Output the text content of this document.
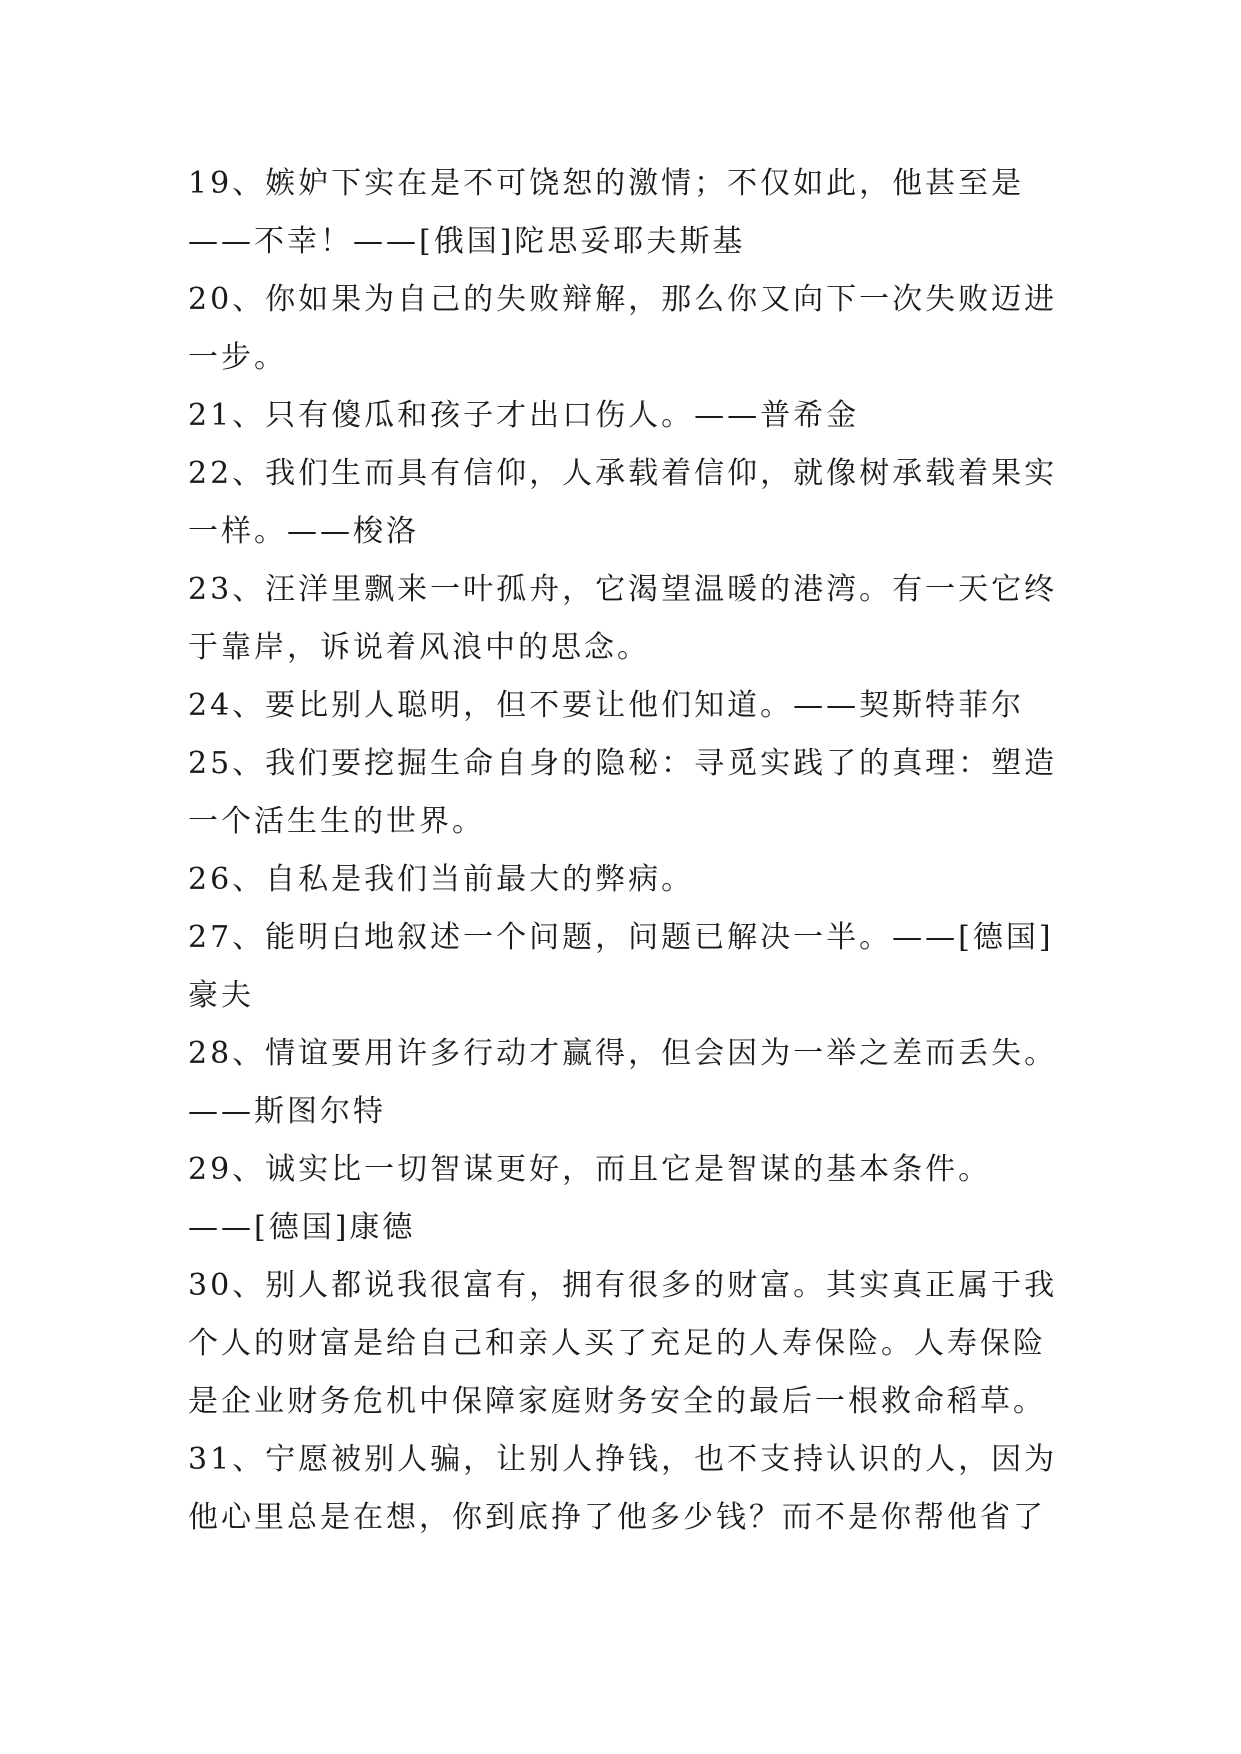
19、嫉妒下实在是不可饶恕的激情；不仅如此，他甚至是
——不幸！——[俄国]陀思妥耶夫斯基
20、你如果为自己的失败辩解，那么你又向下一次失败迈进
一步。
21、只有傻瓜和孩子才出口伤人。——普希金
22、我们生而具有信仰，人承载着信仰，就像树承载着果实
一样。——梭洛
23、汪洋里飘来一叶孤舟，它渴望温暖的港湾。有一天它终
于靠岸，诉说着风浪中的思念。
24、要比别人聪明，但不要让他们知道。——契斯特菲尔
25、我们要挖掘生命自身的隐秘：寻觅实践了的真理：塑造
一个活生生的世界。
26、自私是我们当前最大的弊病。
27、能明白地叙述一个问题，问题已解决一半。——[德国]
豪夫
28、情谊要用许多行动才赢得，但会因为一举之差而丢失。
——斯图尔特
29、诚实比一切智谋更好，而且它是智谋的基本条件。
——[德国]康德
30、别人都说我很富有，拥有很多的财富。其实真正属于我
个人的财富是给自己和亲人买了充足的人寿保险。人寿保险
是企业财务危机中保障家庭财务安全的最后一根救命稻草。
31、宁愿被别人骗，让别人挣钱，也不支持认识的人，因为
他心里总是在想，你到底挣了他多少钱？而不是你帮他省了
